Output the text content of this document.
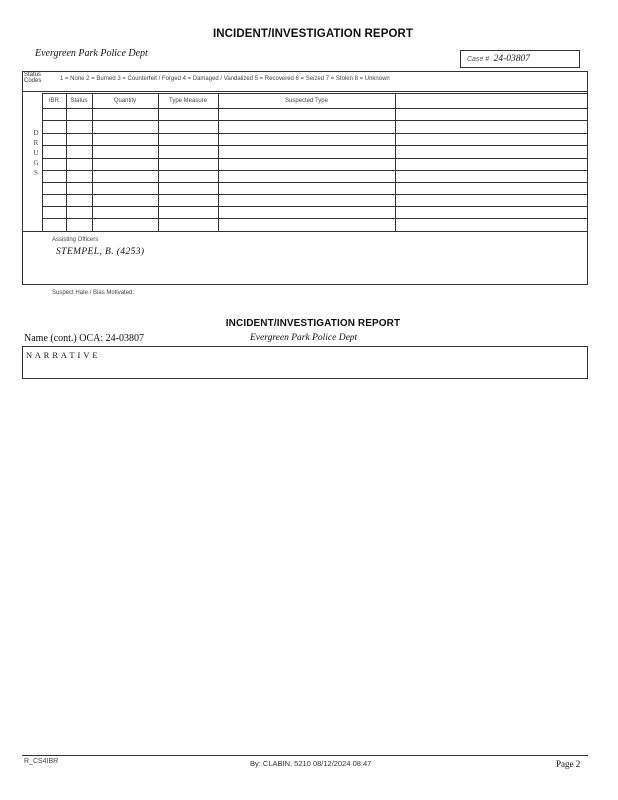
INCIDENT/INVESTIGATION REPORT
Evergreen Park Police Dept
Case # 24-03807
Status Codes	1 = None 2 = Burned 3 = Counterfeit / Forged 4 = Damaged / Vandalized 5 = Recovered 6 = Seized 7 = Stolen 8 = Unknown
IBR	Status	Quantity	Type Measure	Suspected Type
D
R
U
G
S
Assisting Officers
STEMPEL, B. (4253)
Suspect Hate / Bias Motivated:
INCIDENT/INVESTIGATION REPORT
Name (cont.) OCA: 24-03807	Evergreen Park Police Dept
N A R R A T I V E
R_CS4IBR	By: CLABIN, 5210 08/12/2024 08:47	Page 2
